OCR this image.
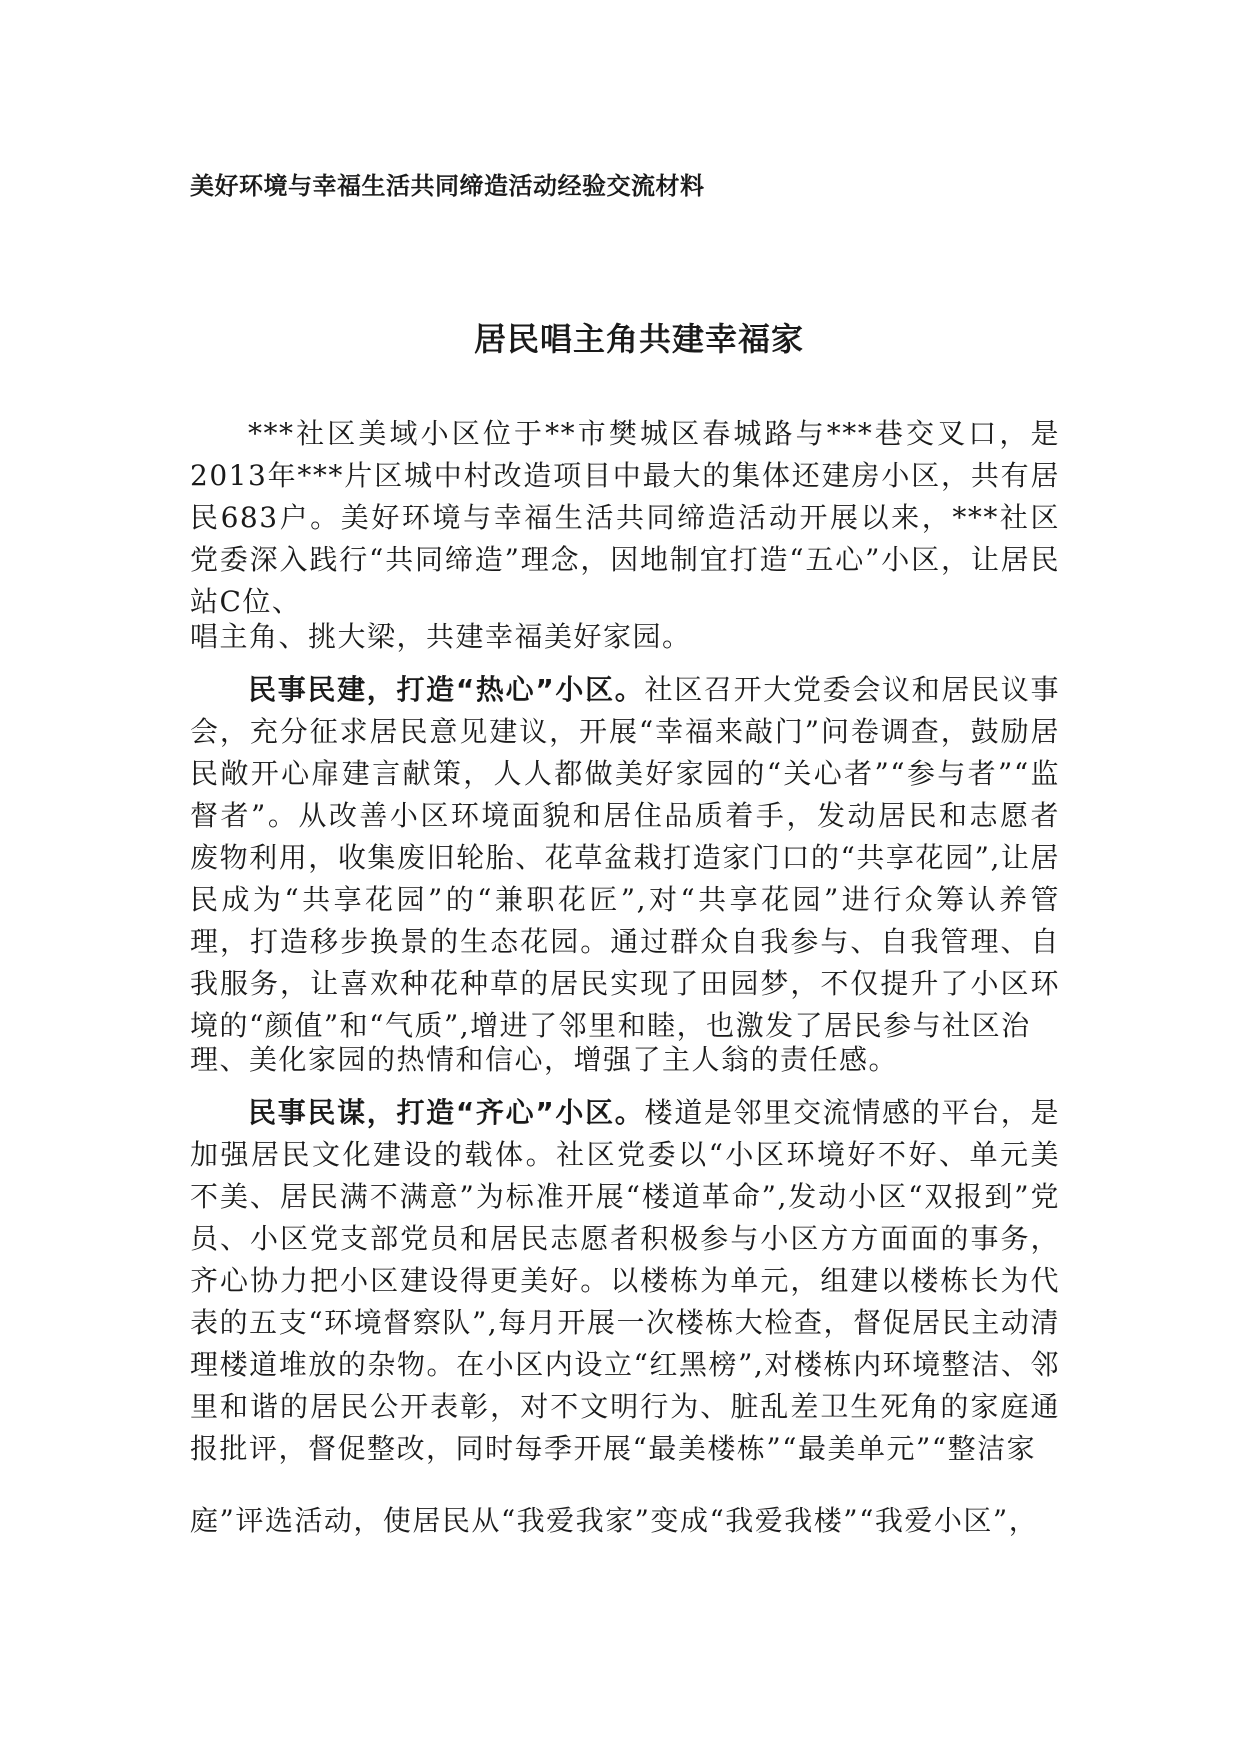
美好环境与幸福生活共同缔造活动经验交流材料
居民唱主角共建幸福家
***社区美域小区位于**市樊城区春城路与***巷交叉口，是2013年***片区城中村改造项目中最大的集体还建房小区，共有居民683户。美好环境与幸福生活共同缔造活动开展以来，***社区党委深入践行“共同缔造”理念，因地制宜打造“五心”小区，让居民站C位、
唱主角、挑大梁，共建幸福美好家园。
民事民建，打造“热心”小区。社区召开大党委会议和居民议事会，充分征求居民意见建议，开展“幸福来敲门”问卷调查，鼓励居民敞开心扉建言献策，人人都做美好家园的“关心者”“参与者”“监督者”。从改善小区环境面貌和居住品质着手，发动居民和志愿者废物利用，收集废旧轮胎、花草盆栽打造家门口的“共享花园”,让居民成为“共享花园”的“兼职花匠”,对“共享花园”进行众筹认养管理，打造移步换景的生态花园。通过群众自我参与、自我管理、自我服务，让喜欢种花种草的居民实现了田园梦，不仅提升了小区环境的“颜值”和“气质”,增进了邻里和睦，也激发了居民参与社区治
理、美化家园的热情和信心，增强了主人翁的责任感。
民事民谋，打造“齐心”小区。楼道是邻里交流情感的平台，是加强居民文化建设的载体。社区党委以“小区环境好不好、单元美不美、居民满不满意”为标准开展“楼道革命”,发动小区“双报到”党员、小区党支部党员和居民志愿者积极参与小区方方面面的事务，齐心协力把小区建设得更美好。以楼栋为单元，组建以楼栋长为代表的五支“环境督察队”,每月开展一次楼栋大检查，督促居民主动清理楼道堆放的杂物。在小区内设立“红黑榜”,对楼栋内环境整洁、邻里和谐的居民公开表彰，对不文明行为、脏乱差卫生死角的家庭通报批评，督促整改，同时每季开展“最美楼栋”“最美单元”“整洁家
庭”评选活动，使居民从“我爱我家”变成“我爱我楼”“我爱小区”，
